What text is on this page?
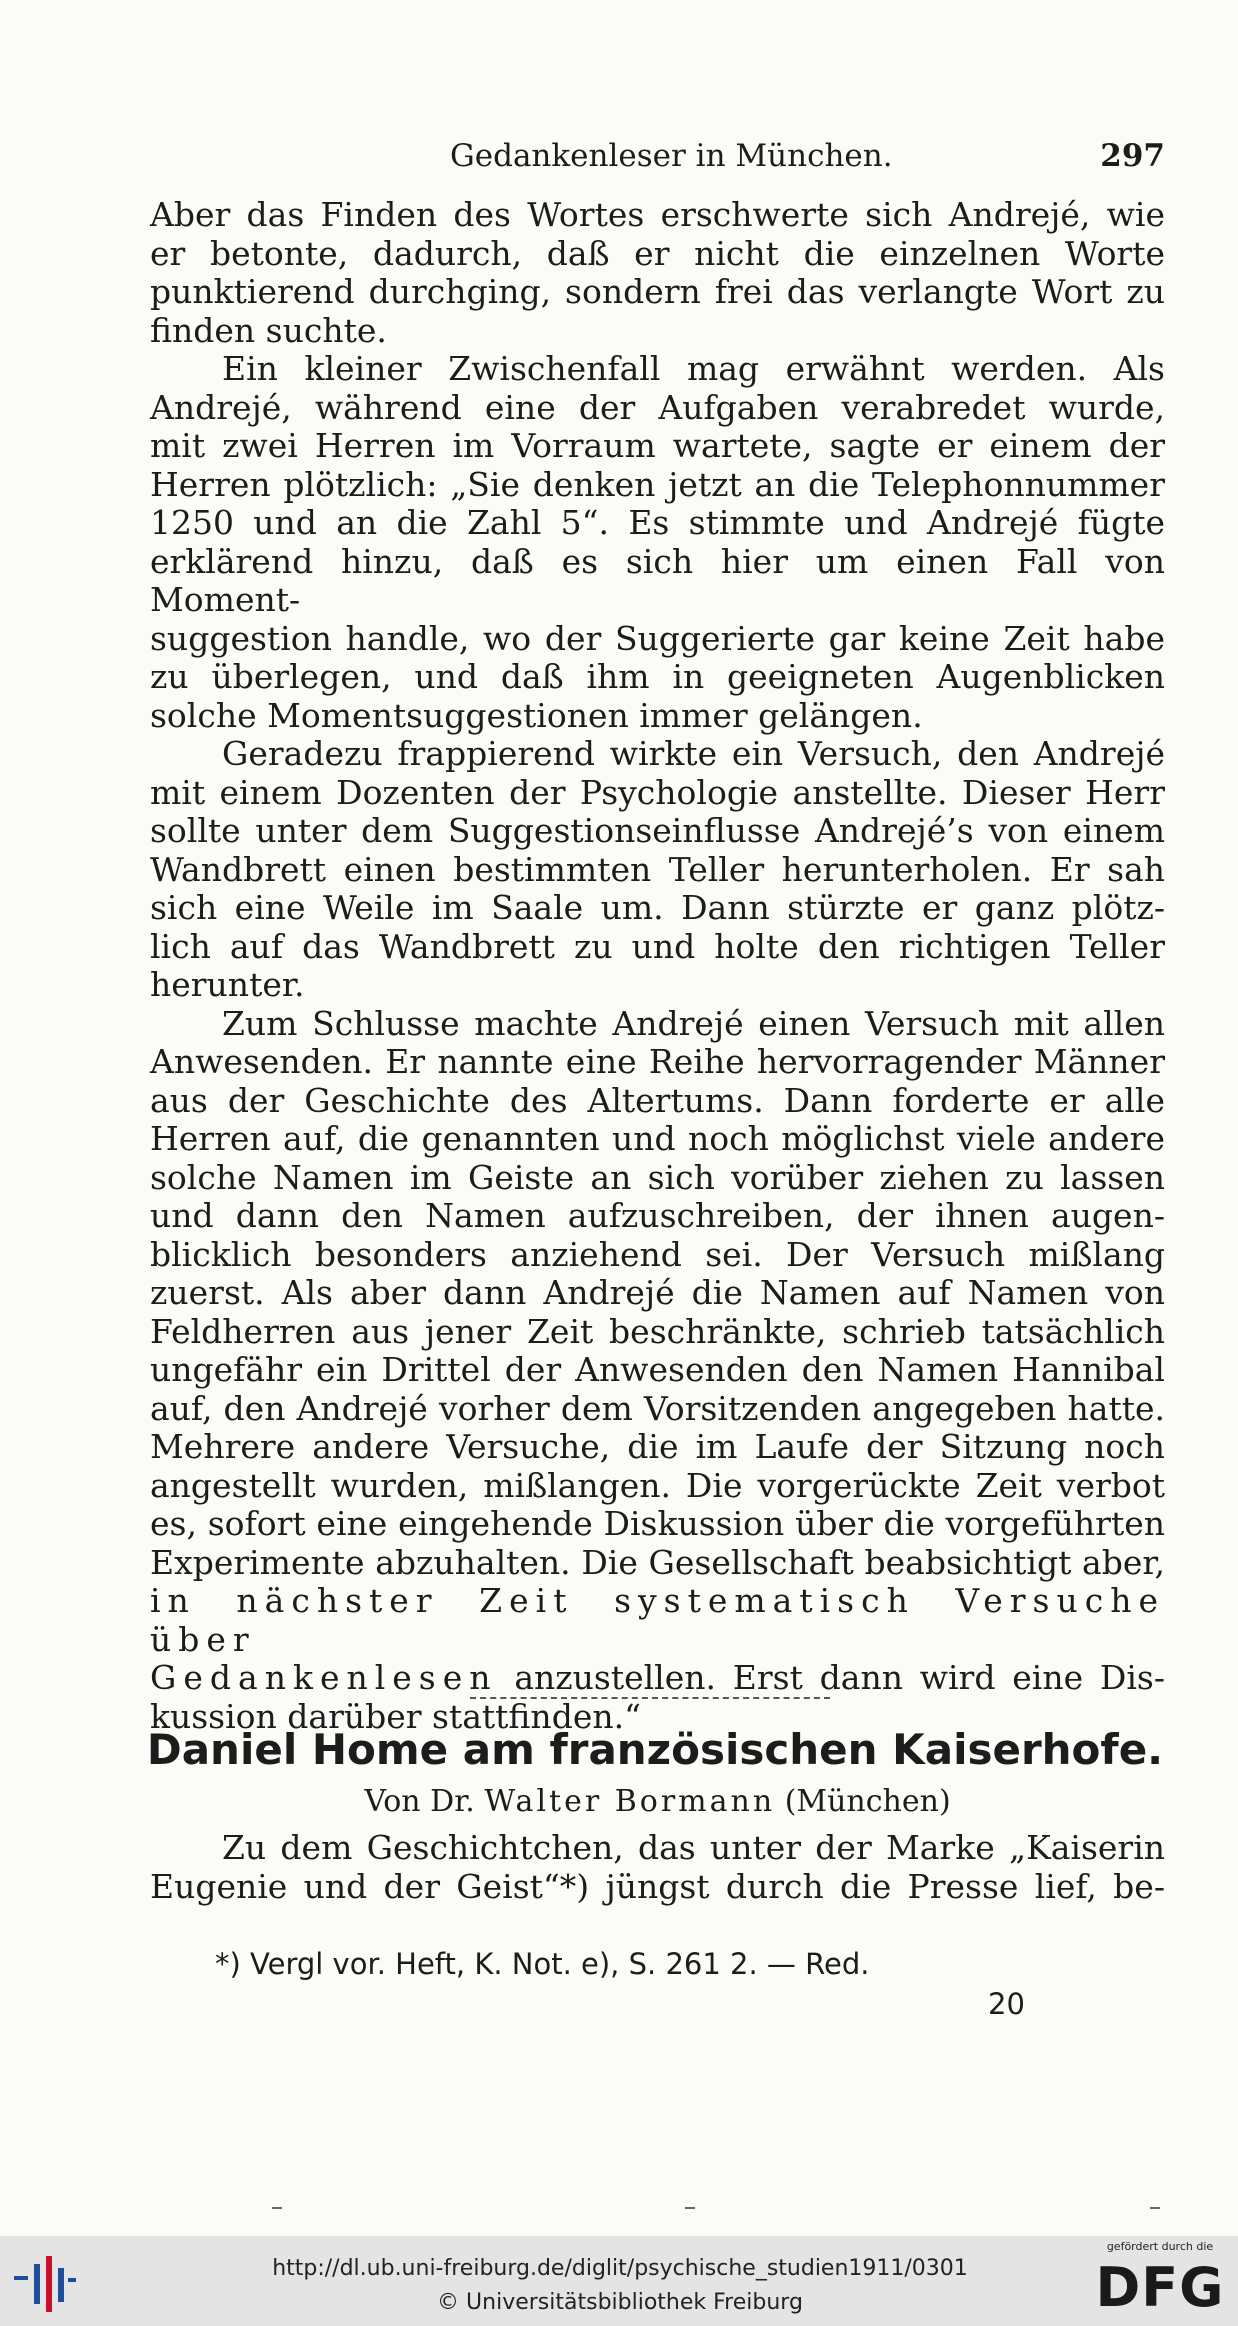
Gedankenleser in München.	297

Aber das Finden des Wortes erschwerte sich Andrejé, wie

er betonte, dadurch, daß er nicht die einzelnen Worte

punktierend durchging, sondern frei das verlangte Wort zu

finden suchte.

Ein kleiner Zwischenfall mag erwähnt werden. Als

Andrejé, während eine der Aufgaben verabredet wurde,

mit zwei Herren im Vorraum wartete, sagte er einem der

Herren plötzlich: „Sie denken jetzt an die Telephonnummer

1250 und an die Zahl 5“. Es stimmte und Andrejé fügte

erklärend hinzu, daß es sich hier um einen Fall von Moment-

suggestion handle, wo der Suggerierte gar keine Zeit habe

zu überlegen, und daß ihm in geeigneten Augenblicken

solche Momentsuggestionen immer gelängen.

Geradezu frappierend wirkte ein Versuch, den Andrejé

mit einem Dozenten der Psychologie anstellte. Dieser Herr

sollte unter dem Suggestionseinflusse Andrejé’s von einem

Wandbrett einen bestimmten Teller herunterholen. Er sah

sich eine Weile im Saale um. Dann stürzte er ganz plötz-

lich auf das Wandbrett zu und holte den richtigen Teller

herunter.

Zum Schlusse machte Andrejé einen Versuch mit allen

Anwesenden. Er nannte eine Reihe hervorragender Männer

aus der Geschichte des Altertums. Dann forderte er alle

Herren auf, die genannten und noch möglichst viele andere

solche Namen im Geiste an sich vorüber ziehen zu lassen

und dann den Namen aufzuschreiben, der ihnen augen-

blicklich besonders anziehend sei. Der Versuch mißlang

zuerst. Als aber dann Andrejé die Namen auf Namen von

Feldherren aus jener Zeit beschränkte, schrieb tatsächlich

ungefähr ein Drittel der Anwesenden den Namen Hannibal

auf, den Andrejé vorher dem Vorsitzenden angegeben hatte.

Mehrere andere Versuche, die im Laufe der Sitzung noch

angestellt wurden, mißlangen. Die vorgerückte Zeit verbot

es, sofort eine eingehende Diskussion über die vorgeführten

Experimente abzuhalten. Die Gesellschaft beabsichtigt aber,

in nächster Zeit systematisch Versuche über

Gedankenlesen anzustellen. Erst dann wird eine Dis-

kussion darüber stattfinden.“

Daniel Home am französischen Kaiserhofe.
Von Dr. Walter Bormann (München)

Zu dem Geschichtchen, das unter der Marke „Kaiserin

Eugenie und der Geist“*) jüngst durch die Presse lief, be-

*) Vergl vor. Heft, K. Not. e), S. 261 2. — Red.
20
http://dl.ub.uni-freiburg.de/diglit/psychische_studien1911/0301
© Universitätsbibliothek Freiburg
gefördert durch die
DFG
